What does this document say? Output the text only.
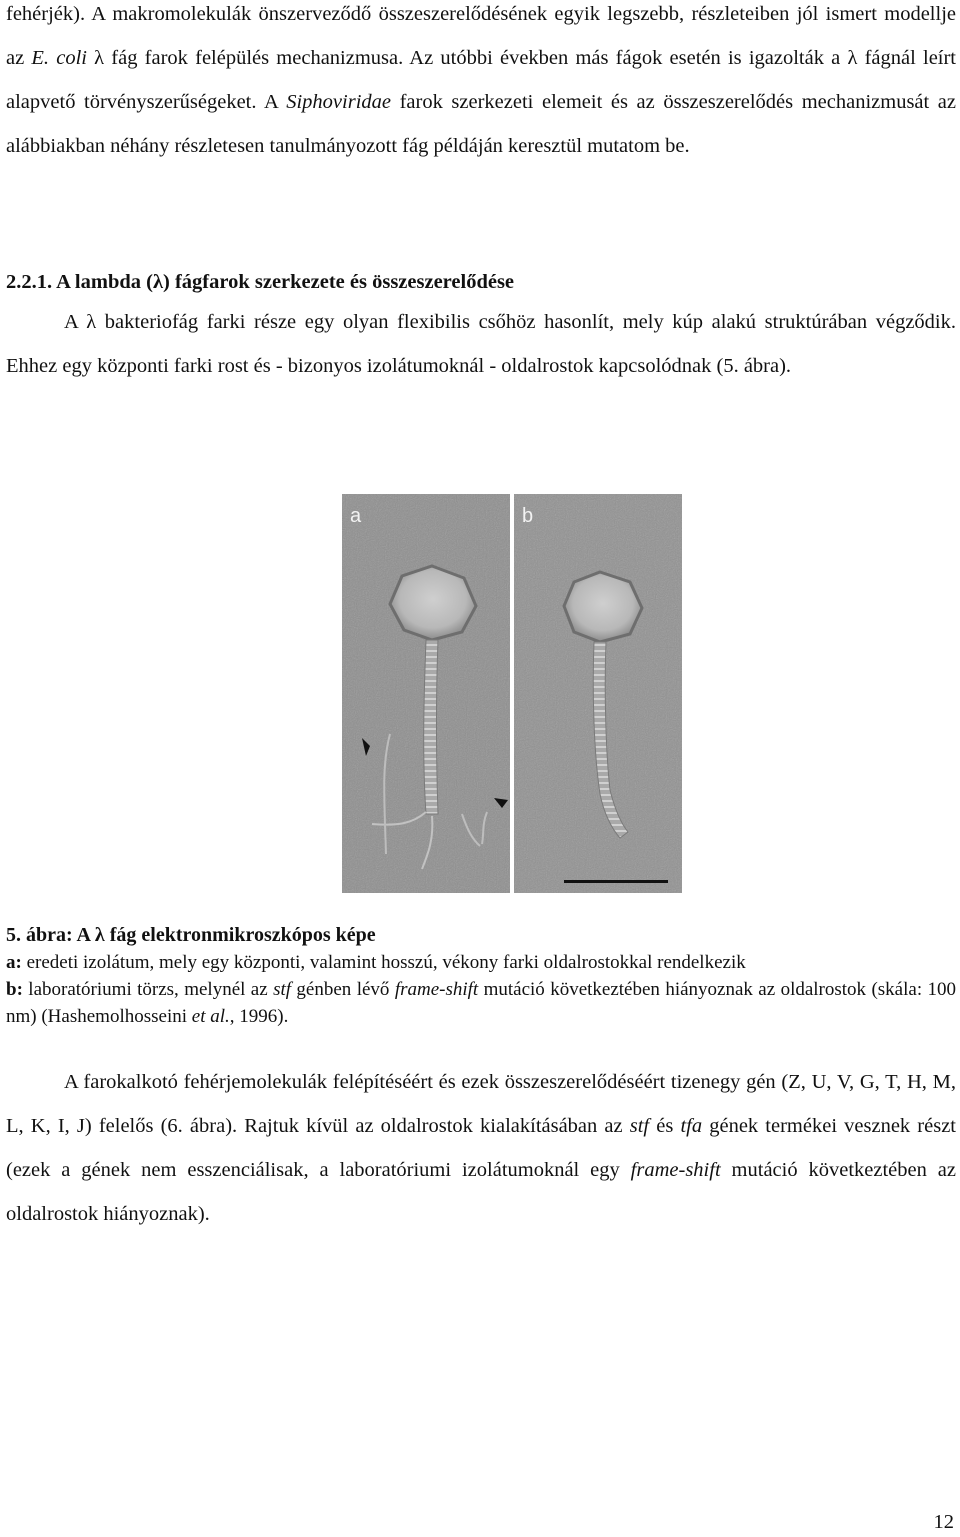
fehérjék). A makromolekulák önszerveződő összeszerelődésének egyik legszebb, részleteiben jól ismert modellje az E. coli λ fág farok felépülés mechanizmusa. Az utóbbi években más fágok esetén is igazolták a λ fágnál leírt alapvető törvényszerűségeket. A Siphoviridae farok szerkezeti elemeit és az összeszerelődés mechanizmusát az alábbiakban néhány részletesen tanulmányozott fág példáján keresztül mutatom be.

2.2.1. A lambda (λ) fágfarok szerkezete és összeszerelődése

A λ bakteriofág farki része egy olyan flexibilis csőhöz hasonlít, mely kúp alakú struktúrában végződik. Ehhez egy központi farki rost és - bizonyos izolátumoknál - oldalrostok kapcsolódnak (5. ábra).

a	b
5. ábra: A λ fág elektronmikroszkópos képe
a: eredeti izolátum, mely egy központi, valamint hosszú, vékony farki oldalrostokkal rendelkezik
b: laboratóriumi törzs, melynél az stf génben lévő frame-shift mutáció következtében hiányoznak az oldalrostok (skála: 100 nm) (Hashemolhosseini et al., 1996).

A farokalkotó fehérjemolekulák felépítéséért és ezek összeszerelődéséért tizenegy gén (Z, U, V, G, T, H, M, L, K, I, J) felelős (6. ábra). Rajtuk kívül az oldalrostok kialakításában az stf és tfa gének termékei vesznek részt (ezek a gének nem esszenciálisak, a laboratóriumi izolátumoknál egy frame-shift mutáció következtében az oldalrostok hiányoznak).

12
